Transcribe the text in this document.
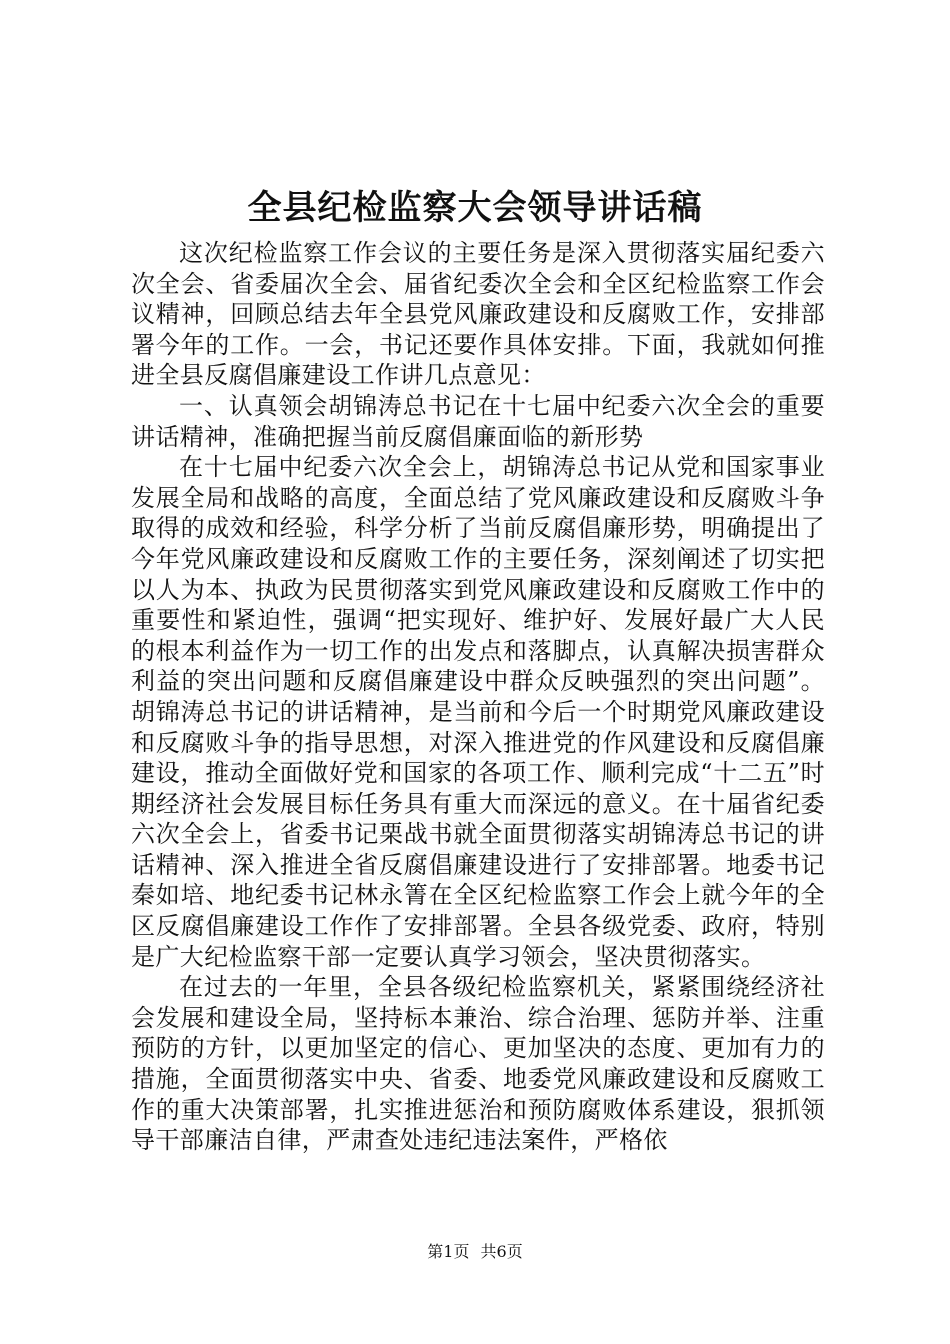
全县纪检监察大会领导讲话稿

这次纪检监察工作会议的主要任务是深入贯彻落实届纪委六次全会、省委届次全会、届省纪委次全会和全区纪检监察工作会议精神，回顾总结去年全县党风廉政建设和反腐败工作，安排部署今年的工作。一会，书记还要作具体安排。下面，我就如何推进全县反腐倡廉建设工作讲几点意见：

一、认真领会胡锦涛总书记在十七届中纪委六次全会的重要讲话精神，准确把握当前反腐倡廉面临的新形势

在十七届中纪委六次全会上，胡锦涛总书记从党和国家事业发展全局和战略的高度，全面总结了党风廉政建设和反腐败斗争取得的成效和经验，科学分析了当前反腐倡廉形势，明确提出了今年党风廉政建设和反腐败工作的主要任务，深刻阐述了切实把以人为本、执政为民贯彻落实到党风廉政建设和反腐败工作中的重要性和紧迫性，强调“把实现好、维护好、发展好最广大人民的根本利益作为一切工作的出发点和落脚点，认真解决损害群众利益的突出问题和反腐倡廉建设中群众反映强烈的突出问题”。胡锦涛总书记的讲话精神，是当前和今后一个时期党风廉政建设和反腐败斗争的指导思想，对深入推进党的作风建设和反腐倡廉建设，推动全面做好党和国家的各项工作、顺利完成“十二五”时期经济社会发展目标任务具有重大而深远的意义。在十届省纪委六次全会上，省委书记栗战书就全面贯彻落实胡锦涛总书记的讲话精神、深入推进全省反腐倡廉建设进行了安排部署。地委书记秦如培、地纪委书记林永箐在全区纪检监察工作会上就今年的全区反腐倡廉建设工作作了安排部署。全县各级党委、政府，特别是广大纪检监察干部一定要认真学习领会，坚决贯彻落实。

在过去的一年里，全县各级纪检监察机关，紧紧围绕经济社会发展和建设全局，坚持标本兼治、综合治理、惩防并举、注重预防的方针，以更加坚定的信心、更加坚决的态度、更加有力的措施，全面贯彻落实中央、省委、地委党风廉政建设和反腐败工作的重大决策部署，扎实推进惩治和预防腐败体系建设，狠抓领导干部廉洁自律，严肃查处违纪违法案件，严格依

第1页 共6页
